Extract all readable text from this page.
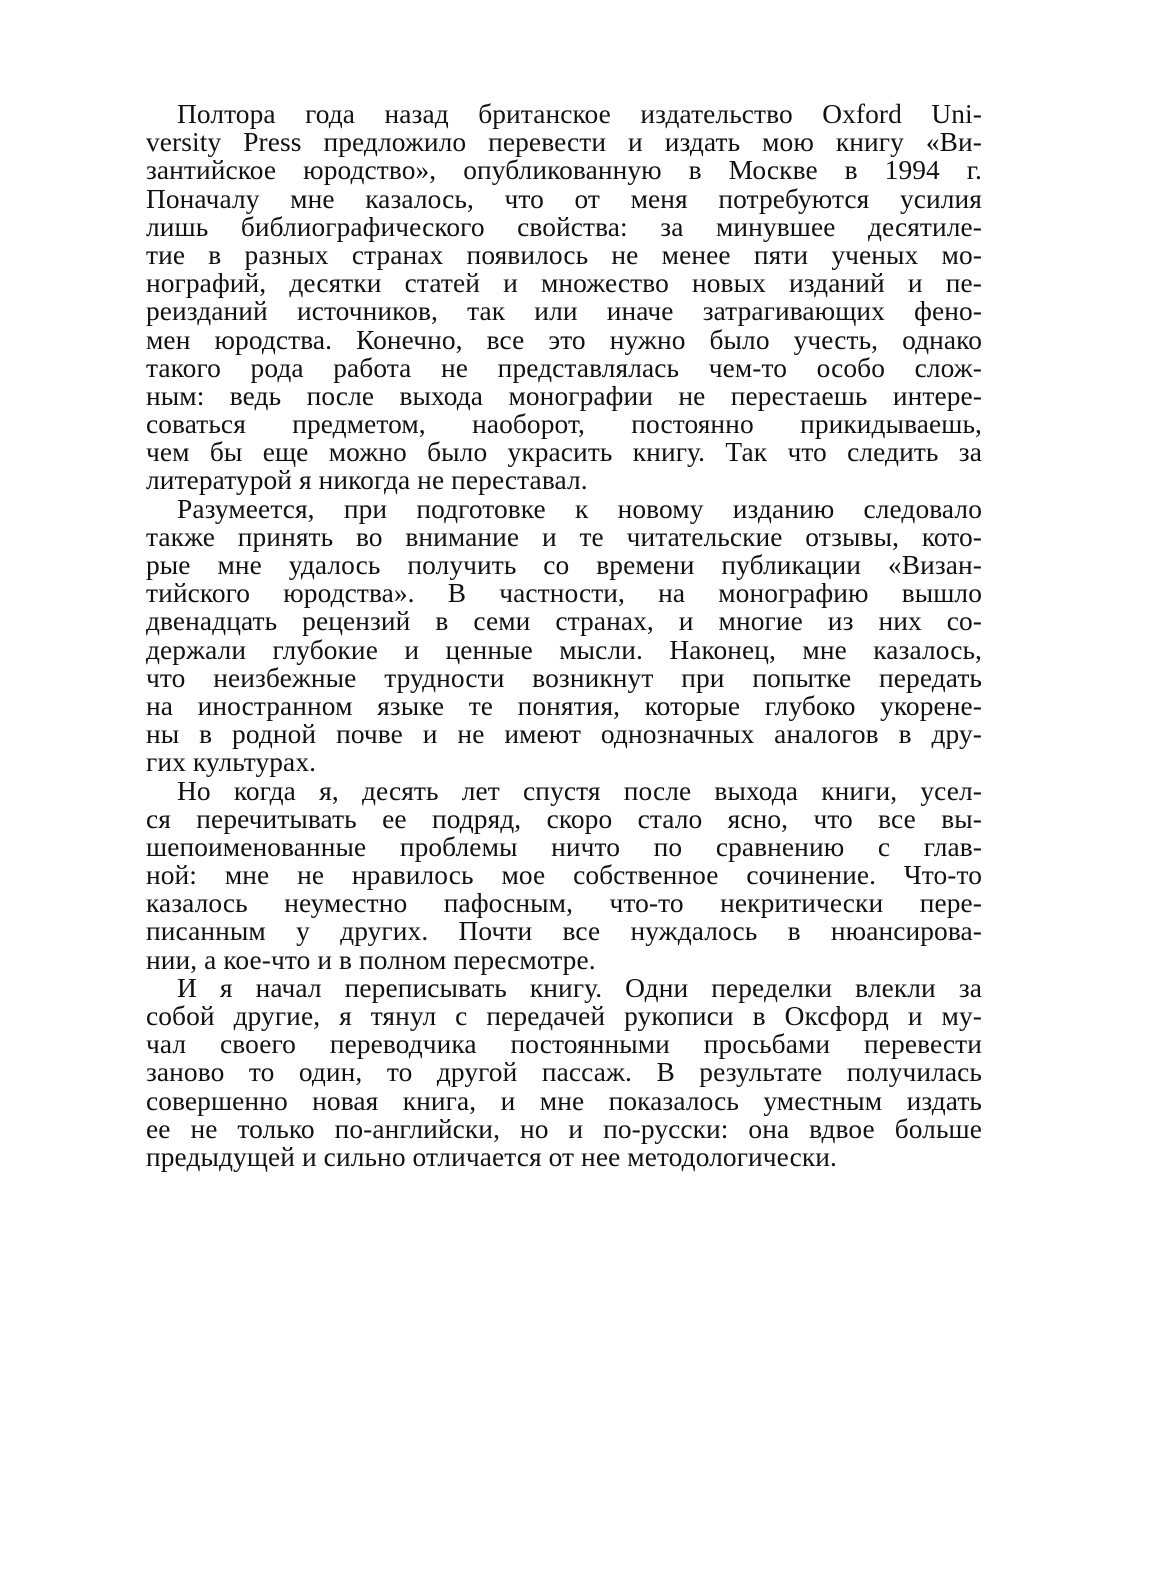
Полтора года назад британское издательство Oxford Uni-
versity Press предложило перевести и издать мою книгу «Ви-
зантийское юродство», опубликованную в Москве в 1994 г.
Поначалу мне казалось, что от меня потребуются усилия
лишь библиографического свойства: за минувшее десятиле-
тие в разных странах появилось не менее пяти ученых мо-
нографий, десятки статей и множество новых изданий и пе-
реизданий источников, так или иначе затрагивающих фено-
мен юродства. Конечно, все это нужно было учесть, однако
такого рода работа не представлялась чем-то особо слож-
ным: ведь после выхода монографии не перестаешь интере-
соваться предметом, наоборот, постоянно прикидываешь,
чем бы еще можно было украсить книгу. Так что следить за
литературой я никогда не переставал.
Разумеется, при подготовке к новому изданию следовало
также принять во внимание и те читательские отзывы, кото-
рые мне удалось получить со времени публикации «Визан-
тийского юродства». В частности, на монографию вышло
двенадцать рецензий в семи странах, и многие из них со-
держали глубокие и ценные мысли. Наконец, мне казалось,
что неизбежные трудности возникнут при попытке передать
на иностранном языке те понятия, которые глубоко укорене-
ны в родной почве и не имеют однозначных аналогов в дру-
гих культурах.
Но когда я, десять лет спустя после выхода книги, усел-
ся перечитывать ее подряд, скоро стало ясно, что все вы-
шепоименованные проблемы ничто по сравнению с глав-
ной: мне не нравилось мое собственное сочинение. Что-то
казалось неуместно пафосным, что-то некритически пере-
писанным у других. Почти все нуждалось в нюансирова-
нии, а кое-что и в полном пересмотре.
И я начал переписывать книгу. Одни переделки влекли за
собой другие, я тянул с передачей рукописи в Оксфорд и му-
чал своего переводчика постоянными просьбами перевести
заново то один, то другой пассаж. В результате получилась
совершенно новая книга, и мне показалось уместным издать
ее не только по-английски, но и по-русски: она вдвое больше
предыдущей и сильно отличается от нее методологически.
